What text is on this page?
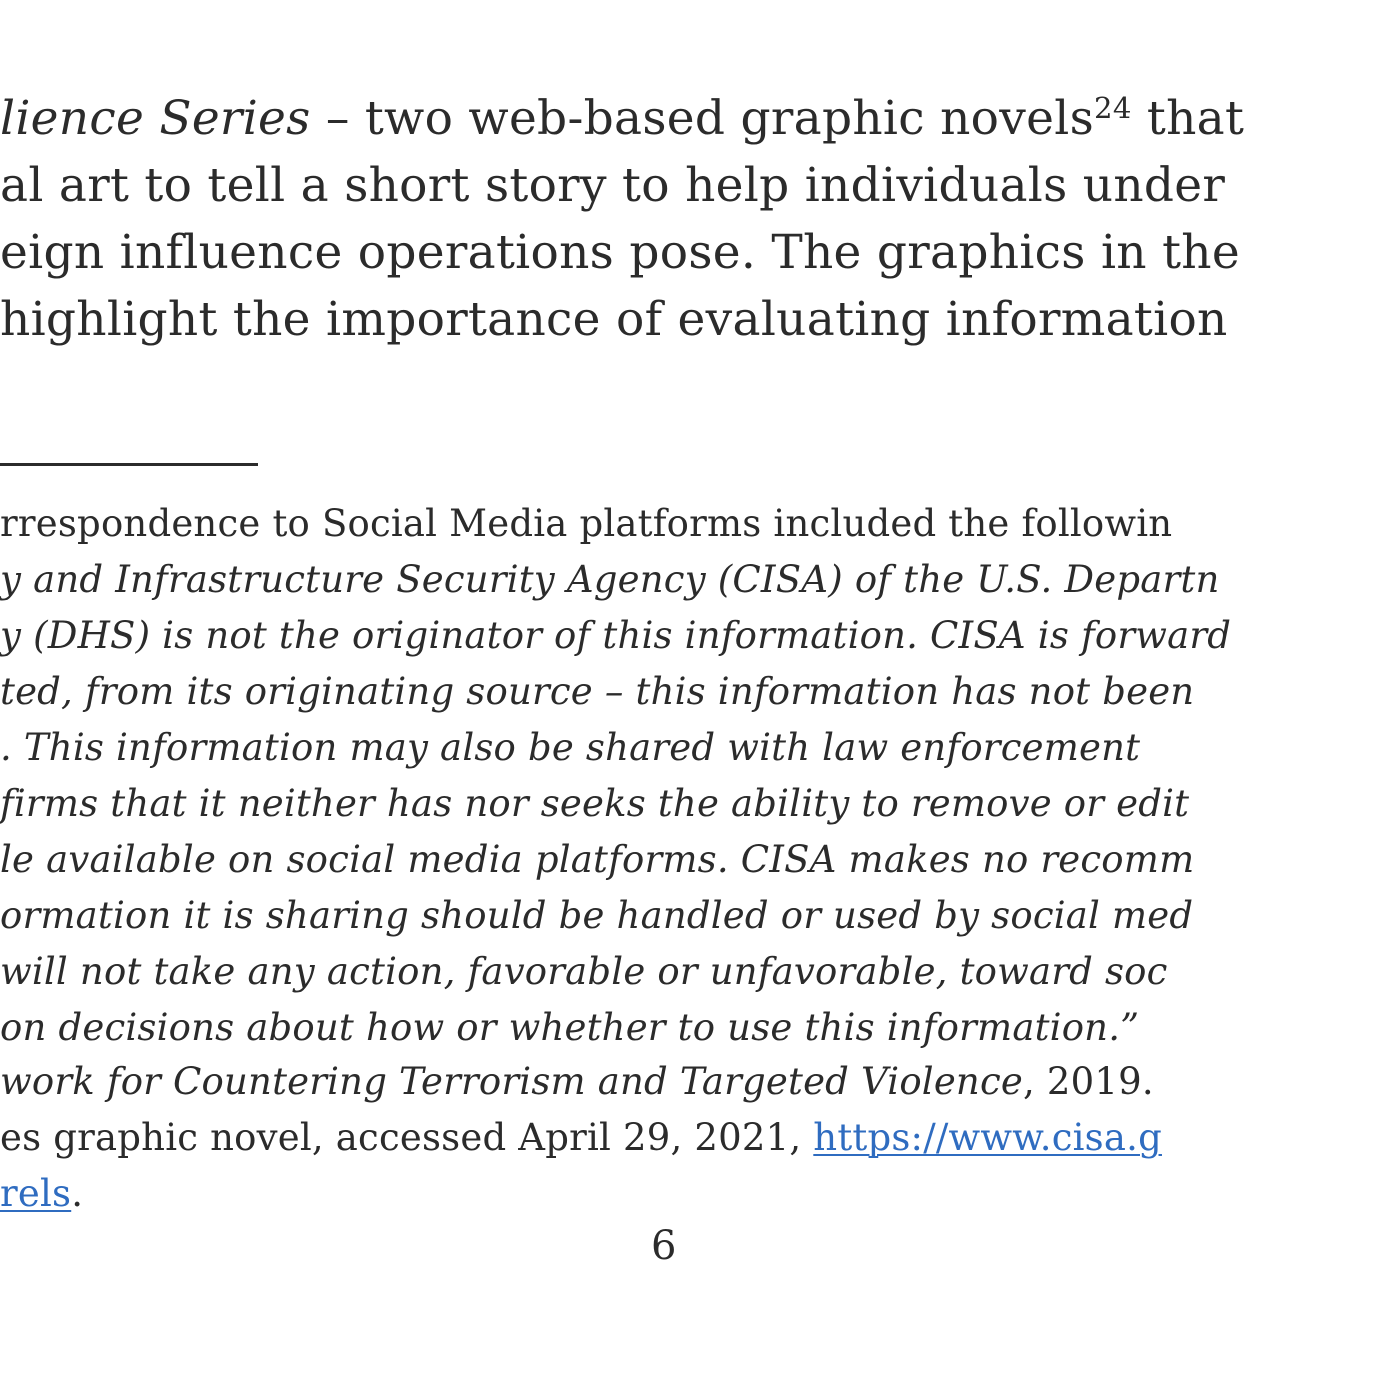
lience Series – two web-based graphic novels$^{24}$ that
al art to tell a short story to help individuals under
eign influence operations pose. The graphics in the
highlight the importance of evaluating information
rrespondence to Social Media platforms included the followin
y and Infrastructure Security Agency (CISA) of the U.S. Departn
y (DHS) is not the originator of this information. CISA is forward
ted, from its originating source – this information has not been
. This information may also be shared with law enforcement
firms that it neither has nor seeks the ability to remove or edit
le available on social media platforms. CISA makes no recomm
ormation it is sharing should be handled or used by social med
will not take any action, favorable or unfavorable, toward soc
on decisions about how or whether to use this information.”
work for Countering Terrorism and Targeted Violence, 2019.
es graphic novel, accessed April 29, 2021, https://www.cisa.g
rels.
6
